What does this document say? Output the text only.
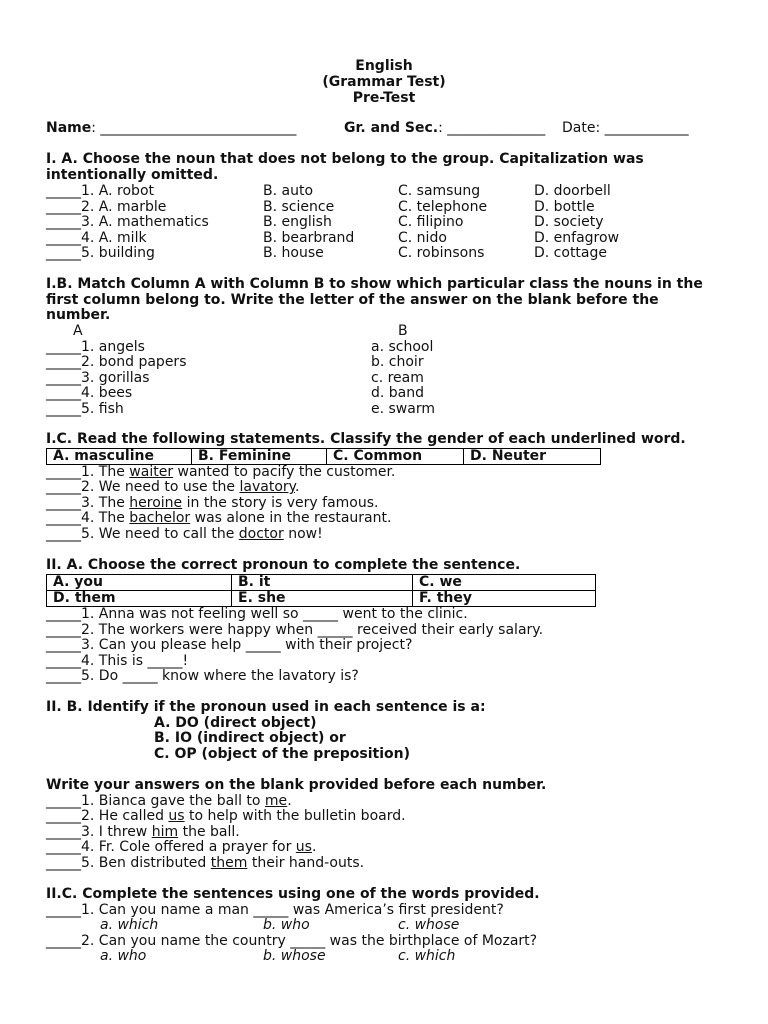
English
(Grammar Test)
Pre-Test
Name: ____________________________	Gr. and Sec.: ______________ Date: ____________
I. A. Choose the noun that does not belong to the group. Capitalization was intentionally omitted.
_____1. A. robot	B. auto	C. samsung	D. doorbell
_____2. A. marble	B. science	C. telephone	D. bottle
_____3. A. mathematics	B. english	C. filipino	D. society
_____4. A. milk	B. bearbrand	C. nido	D. enfagrow
_____5. building	B. house	C. robinsons	D. cottage
I.B. Match Column A with Column B to show which particular class the nouns in the first column belong to. Write the letter of the answer on the blank before the number.
A	B
_____1. angels	a. school
_____2. bond papers	b. choir
_____3. gorillas	c. ream
_____4. bees	d. band
_____5. fish	e. swarm
I.C. Read the following statements. Classify the gender of each underlined word.
A. masculine	B. Feminine	C. Common	D. Neuter
_____1. The waiter wanted to pacify the customer.
_____2. We need to use the lavatory.
_____3. The heroine in the story is very famous.
_____4. The bachelor was alone in the restaurant.
_____5. We need to call the doctor now!
II. A. Choose the correct pronoun to complete the sentence.
A. you	B. it	C. we
D. them	E. she	F. they
_____1. Anna was not feeling well so _____ went to the clinic.
_____2. The workers were happy when _____ received their early salary.
_____3. Can you please help _____ with their project?
_____4. This is _____!
_____5. Do _____ know where the lavatory is?
II. B. Identify if the pronoun used in each sentence is a:
A. DO (direct object)
B. IO (indirect object) or
C. OP (object of the preposition)
Write your answers on the blank provided before each number.
_____1. Bianca gave the ball to me.
_____2. He called us to help with the bulletin board.
_____3. I threw him the ball.
_____4. Fr. Cole offered a prayer for us.
_____5. Ben distributed them their hand-outs.
II.C. Complete the sentences using one of the words provided.
_____1. Can you name a man _____ was America’s first president?
a. which	b. who	c. whose
_____2. Can you name the country _____ was the birthplace of Mozart?
a. who	b. whose	c. which
